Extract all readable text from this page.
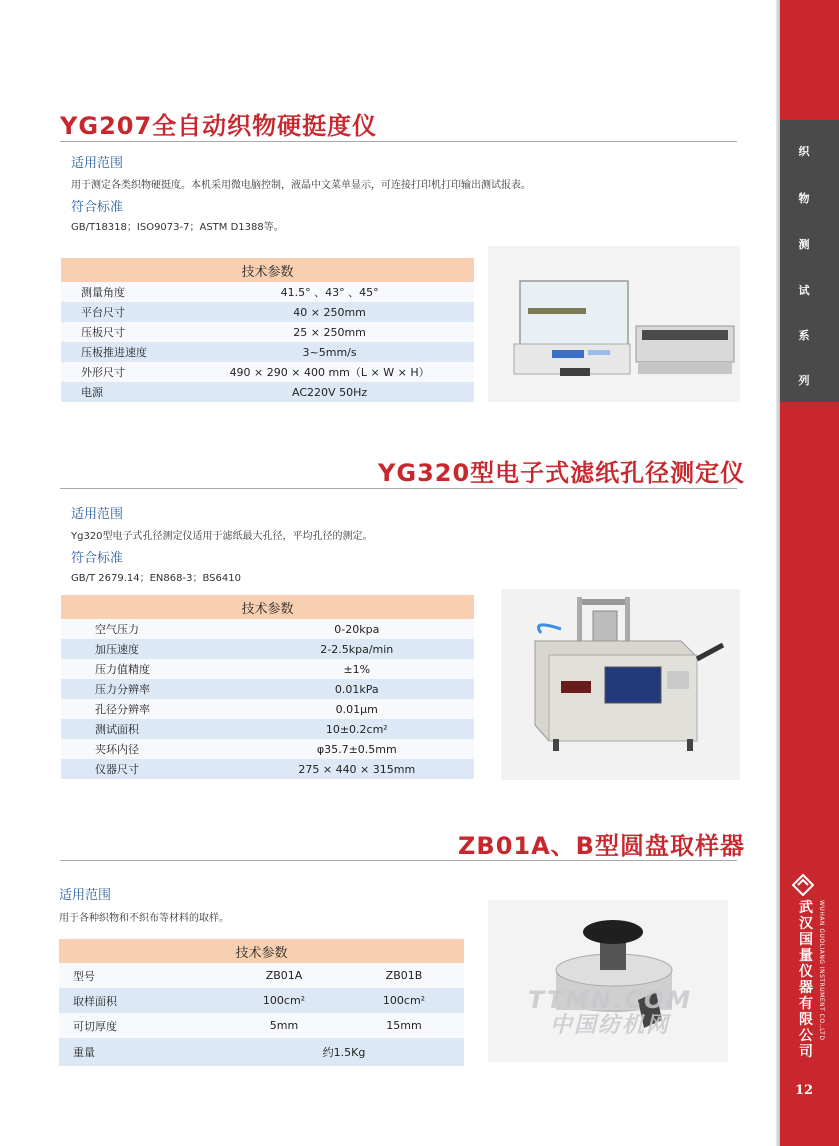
织
物
测
试
系
列
武
汉
国
量
仪
器
有
限
公
司
WUHAN GUOLIANG INSTRUMENT CO.,LTD
12
YG207全自动织物硬挺度仪
适用范围
用于测定各类织物硬挺度。本机采用微电脑控制，液晶中文菜单显示，可连接打印机打印输出测试报表。
符合标准
GB/T18318；ISO9073-7；ASTM D1388等。
技术参数	
测量角度	41.5° 、43° 、45°
平台尺寸	40 × 250mm
压板尺寸	25 × 250mm
压板推进速度	3~5mm/s
外形尺寸	490 × 290 × 400 mm（L × W × H）
电源	AC220V 50Hz
YG320型电子式滤纸孔径测定仪
适用范围
Yg320型电子式孔径测定仪适用于滤纸最大孔径，平均孔径的测定。
符合标准
GB/T 2679.14；EN868-3；BS6410
技术参数	
空气压力	0-20kpa
加压速度	2-2.5kpa/min
压力值精度	±1%
压力分辨率	0.01kPa
孔径分辨率	0.01μm
测试面积	10±0.2cm²
夹环内径	φ35.7±0.5mm
仪器尺寸	275 × 440 × 315mm
ZB01A、B型圆盘取样器
适用范围
用于各种织物和不织布等材料的取样。
技术参数		
型号	ZB01A	ZB01B
取样面积	100cm²	100cm²
可切厚度	5mm	15mm
重量	约1.5Kg	
TTMN.COM
中国纺机网
